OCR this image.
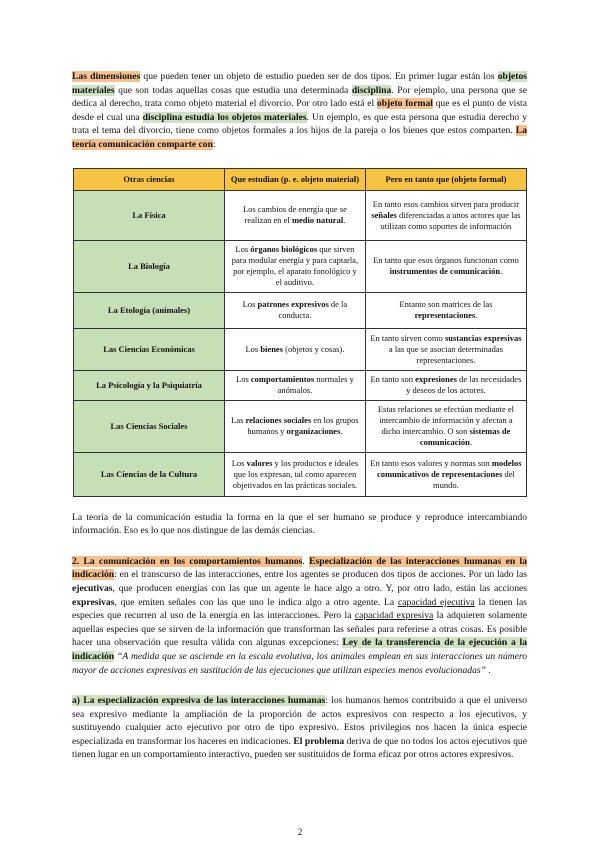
Las dimensiones que pueden tener un objeto de estudio pueden ser de dos tipos. En primer lugar están los objetos materiales que son todas aquellas cosas que estudia una determinada disciplina. Por ejemplo, una persona que se dedica al derecho, trata como objeto material el divorcio. Por otro lado está el objeto formal que es el punto de vista desde el cual una disciplina estudia los objetos materiales. Un ejemplo, es que esta persona que estudia derecho y trata el tema del divorcio, tiene como objetos formales a los hijos de la pareja o los bienes que estos comparten. La teoría comunicación comparte con:

Otras ciencias	Que estudian (p. e. objeto material)	Pero en tanto que (objeto formal)
La Física	Los cambios de energía que se realizan en el medio natural.	En tanto esos cambios sirven para producir señales diferenciadas a unos actores que las utilizan como soportes de información
La Biología	Los órganos biológicos que sirven para modular energía y para captarla, por ejemplo, el aparato fonológico y el auditivo.	En tanto que esos órganos funcionan como instrumentos de comunicación.
La Etología (animales)	Los patrones expresivos de la conducta.	Entanto son matrices de las representaciones.
Las Ciencias Económicas	Los bienes (objetos y cosas).	En tanto sirven como sustancias expresivas a las que se asocian determinadas representaciones.
La Psicología y la Psiquiatría	Los comportamientos normales y anómalos.	En tanto son expresiones de las necesidades y deseos de los actores.
Las Ciencias Sociales	Las relaciones sociales en los grupos humanos y organizaciones.	Estas relaciones se efectúan mediante el intercambio de información y afectan a dicho intercambio. O son sistemas de comunicación.
Las Ciencias de la Cultura	Los valores y los productos e ideales que los expresan, tal como aparecen objetivados en las prácticas sociales.	En tanto esos valores y normas son modelos comunicativos de representaciones del mundo.

La teoría de la comunicación estudia la forma en la que el ser humano se produce y reproduce intercambiando información. Eso es lo que nos distingue de las demás ciencias.

2. La comunicación en los comportamientos humanos. Especialización de las interacciones humanas en la indicación: en el transcurso de las interacciones, entre los agentes se producen dos tipos de acciones. Por un lado las ejecutivas, que producen energías con las que un agente le hace algo a otro. Y, por otro lado, están las acciones expresivas, que emiten señales con las que uno le indica algo a otro agente. La capacidad ejecutiva la tienen las especies que recurren al uso de la energía en las interacciones. Pero la capacidad expresiva la adquieren solamente aquellas especies que se sirven de la información que transforman las señales para referirse a otras cosas. Es posible hacer una observación que resulta válida con algunas excepciones: Ley de la transferencia de la ejecución a la indicación “A medida que se asciende en la escala evolutiva, los animales emplean en sus interacciones un número mayor de acciones expresivas en sustitución de las ejecuciones que utilizan especies menos evolucionadas” .

a) La especialización expresiva de las interacciones humanas: los humanos hemos contribuido a que el universo sea expresivo mediante la ampliación de la proporción de actos expresivos con respecto a los ejecutivos, y sustituyendo cualquier acto ejecutivo por otro de tipo expresivo. Estos privilegios nos hacen la única especie especializada en transformar los haceres en indicaciones. El problema deriva de que no todos los actos ejecutivos que tienen lugar en un comportamiento interactivo, pueden ser sustituidos de forma eficaz por otros actores expresivos.

2
